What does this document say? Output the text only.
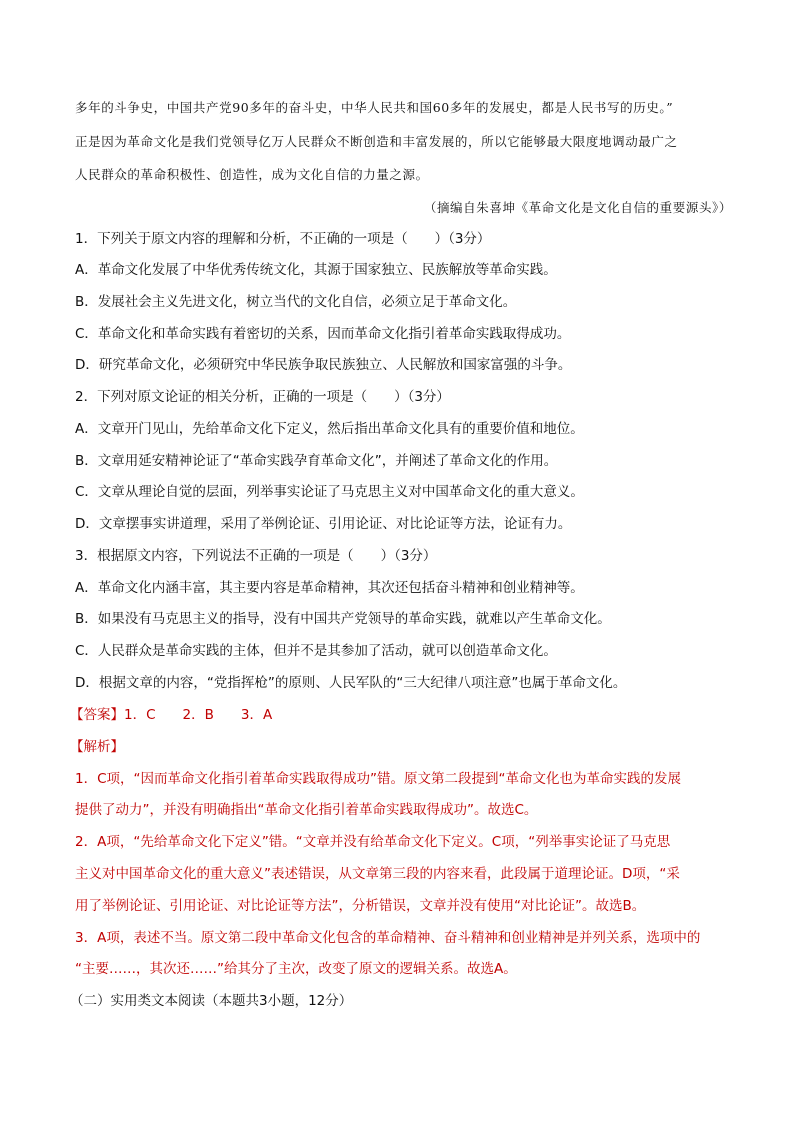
多年的斗争史，中国共产党90多年的奋斗史，中华人民共和国60多年的发展史，都是人民书写的历史。”
正是因为革命文化是我们党领导亿万人民群众不断创造和丰富发展的，所以它能够最大限度地调动最广之
人民群众的革命积极性、创造性，成为文化自信的力量之源。
（摘编自朱喜坤《革命文化是文化自信的重要源头》）
1．下列关于原文内容的理解和分析，不正确的一项是（　　）（3分）
A．革命文化发展了中华优秀传统文化，其源于国家独立、民族解放等革命实践。
B．发展社会主义先进文化，树立当代的文化自信，必须立足于革命文化。
C．革命文化和革命实践有着密切的关系，因而革命文化指引着革命实践取得成功。
D．研究革命文化，必须研究中华民族争取民族独立、人民解放和国家富强的斗争。
2．下列对原文论证的相关分析，正确的一项是（　　）（3分）
A．文章开门见山，先给革命文化下定义，然后指出革命文化具有的重要价值和地位。
B．文章用延安精神论证了“革命实践孕育革命文化”，并阐述了革命文化的作用。
C．文章从理论自觉的层面，列举事实论证了马克思主义对中国革命文化的重大意义。
D．文章摆事实讲道理，采用了举例论证、引用论证、对比论证等方法，论证有力。
3．根据原文内容，下列说法不正确的一项是（　　）（3分）
A．革命文化内涵丰富，其主要内容是革命精神，其次还包括奋斗精神和创业精神等。
B．如果没有马克思主义的指导，没有中国共产党领导的革命实践，就难以产生革命文化。
C．人民群众是革命实践的主体，但并不是其参加了活动，就可以创造革命文化。
D．根据文章的内容，“党指挥枪”的原则、人民军队的“三大纪律八项注意”也属于革命文化。
【答案】1．C　　2．B　　3．A
【解析】
1．C项，“因而革命文化指引着革命实践取得成功”错。原文第二段提到“革命文化也为革命实践的发展
提供了动力”，并没有明确指出“革命文化指引着革命实践取得成功”。故选C。
2．A项，“先给革命文化下定义”错。“文章并没有给革命文化下定义。C项，“列举事实论证了马克思
主义对中国革命文化的重大意义”表述错误，从文章第三段的内容来看，此段属于道理论证。D项，“采
用了举例论证、引用论证、对比论证等方法”，分析错误，文章并没有使用“对比论证”。故选B。
3．A项，表述不当。原文第二段中革命文化包含的革命精神、奋斗精神和创业精神是并列关系，选项中的
“主要……，其次还……”给其分了主次，改变了原文的逻辑关系。故选A。
（二）实用类文本阅读（本题共3小题，12分）
